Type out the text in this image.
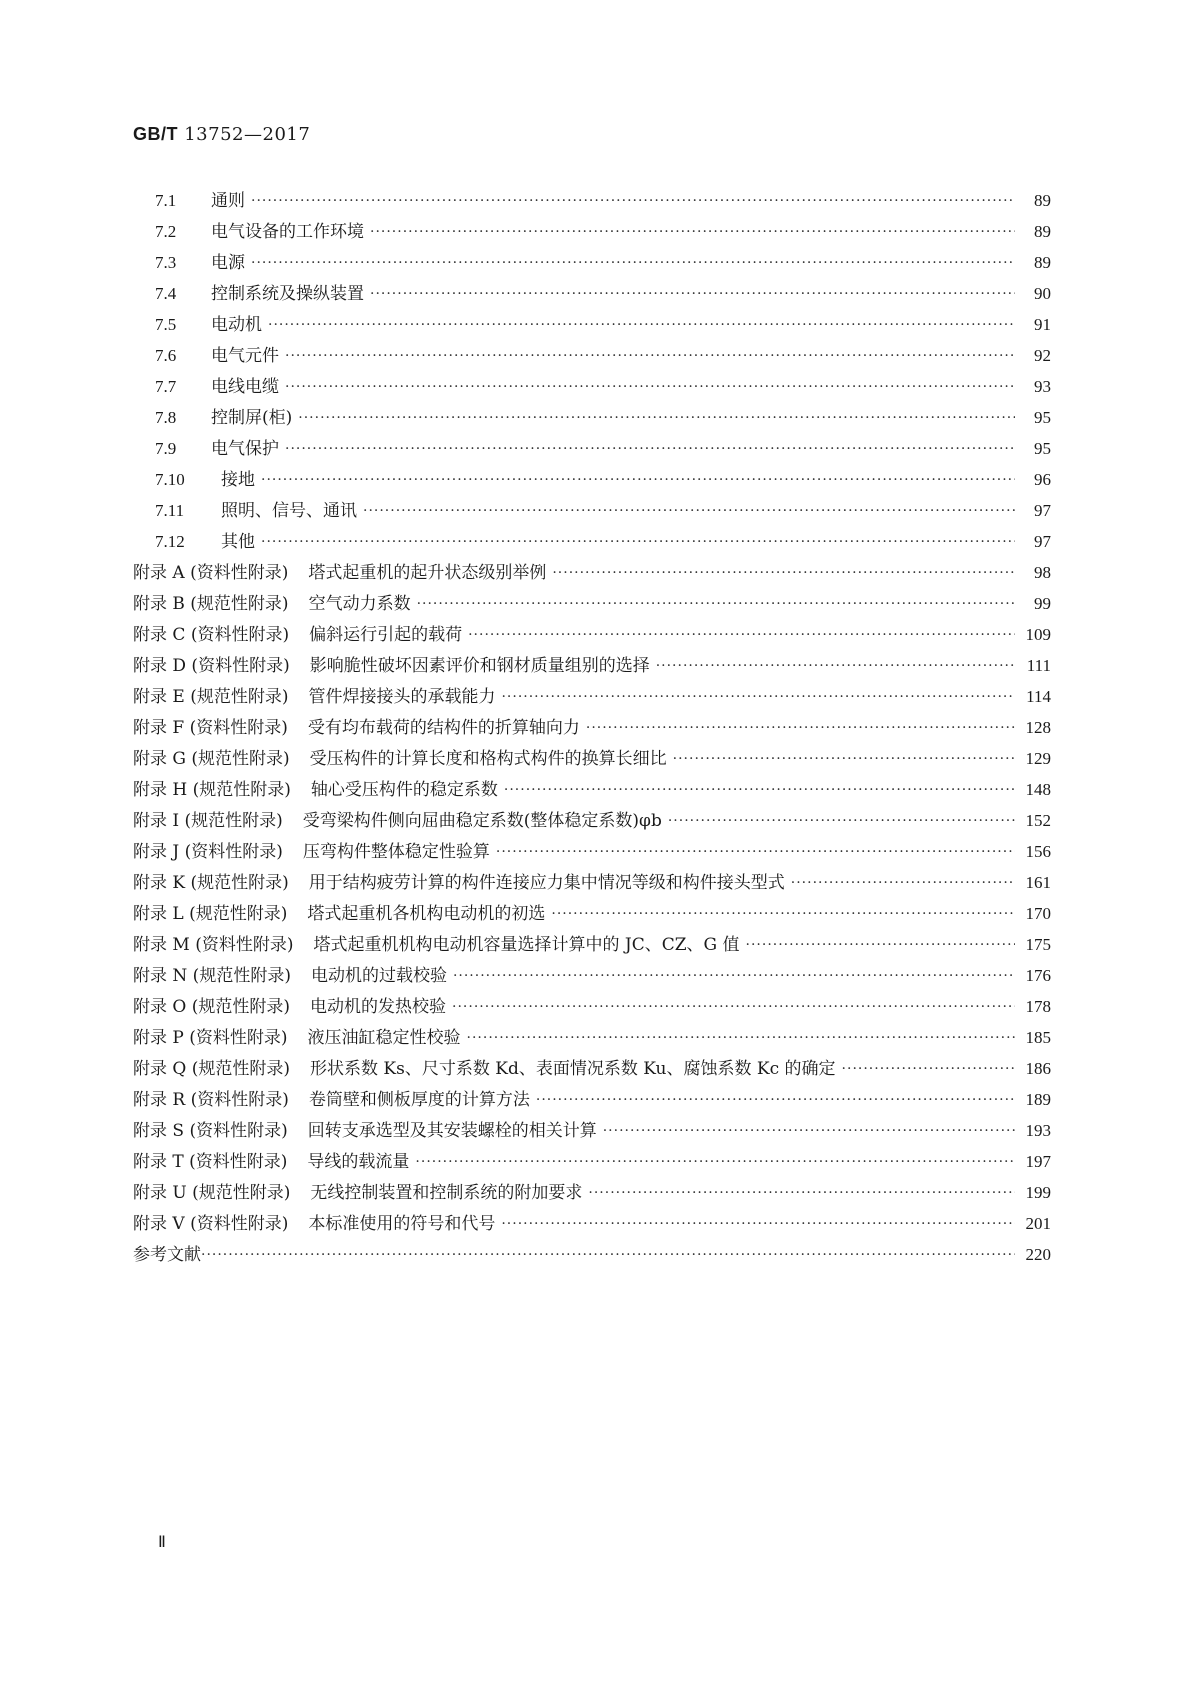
GB/T 13752—2017
7.1	通则 ·····	89
7.2	电气设备的工作环境 ·····	89
7.3	电源 ·····	89
7.4	控制系统及操纵装置 ·····	90
7.5	电动机 ·····	91
7.6	电气元件 ·····	92
7.7	电线电缆 ·····	93
7.8	控制屏(柜) ·····	95
7.9	电气保护 ·····	95
7.10	接地 ·····	96
7.11	照明、信号、通讯 ·····	97
7.12	其他 ·····	97
附录 A (资料性附录) 塔式起重机的起升状态级别举例 ·····	98
附录 B (规范性附录) 空气动力系数 ·····	99
附录 C (资料性附录) 偏斜运行引起的载荷 ·····	109
附录 D (资料性附录) 影响脆性破坏因素评价和钢材质量组别的选择 ·····	111
附录 E (规范性附录) 管件焊接接头的承载能力 ·····	114
附录 F (资料性附录) 受有均布载荷的结构件的折算轴向力 ·····	128
附录 G (规范性附录) 受压构件的计算长度和格构式构件的换算长细比 ·····	129
附录 H (规范性附录) 轴心受压构件的稳定系数 ·····	148
附录 I (规范性附录) 受弯梁构件侧向屈曲稳定系数(整体稳定系数)φb ·····	152
附录 J (资料性附录) 压弯构件整体稳定性验算 ·····	156
附录 K (规范性附录) 用于结构疲劳计算的构件连接应力集中情况等级和构件接头型式 ·····	161
附录 L (规范性附录) 塔式起重机各机构电动机的初选 ·····	170
附录 M (资料性附录) 塔式起重机机构电动机容量选择计算中的 JC、CZ、G 值 ·····	175
附录 N (规范性附录) 电动机的过载校验 ·····	176
附录 O (规范性附录) 电动机的发热校验 ·····	178
附录 P (资料性附录) 液压油缸稳定性校验 ·····	185
附录 Q (规范性附录) 形状系数 Ks、尺寸系数 Kd、表面情况系数 Ku、腐蚀系数 Kc 的确定 ·····	186
附录 R (资料性附录) 卷筒壁和侧板厚度的计算方法 ·····	189
附录 S (资料性附录) 回转支承选型及其安装螺栓的相关计算 ·····	193
附录 T (资料性附录) 导线的载流量 ·····	197
附录 U (规范性附录) 无线控制装置和控制系统的附加要求 ·····	199
附录 V (资料性附录) 本标准使用的符号和代号 ·····	201
参考文献 ·····	220
Ⅱ
